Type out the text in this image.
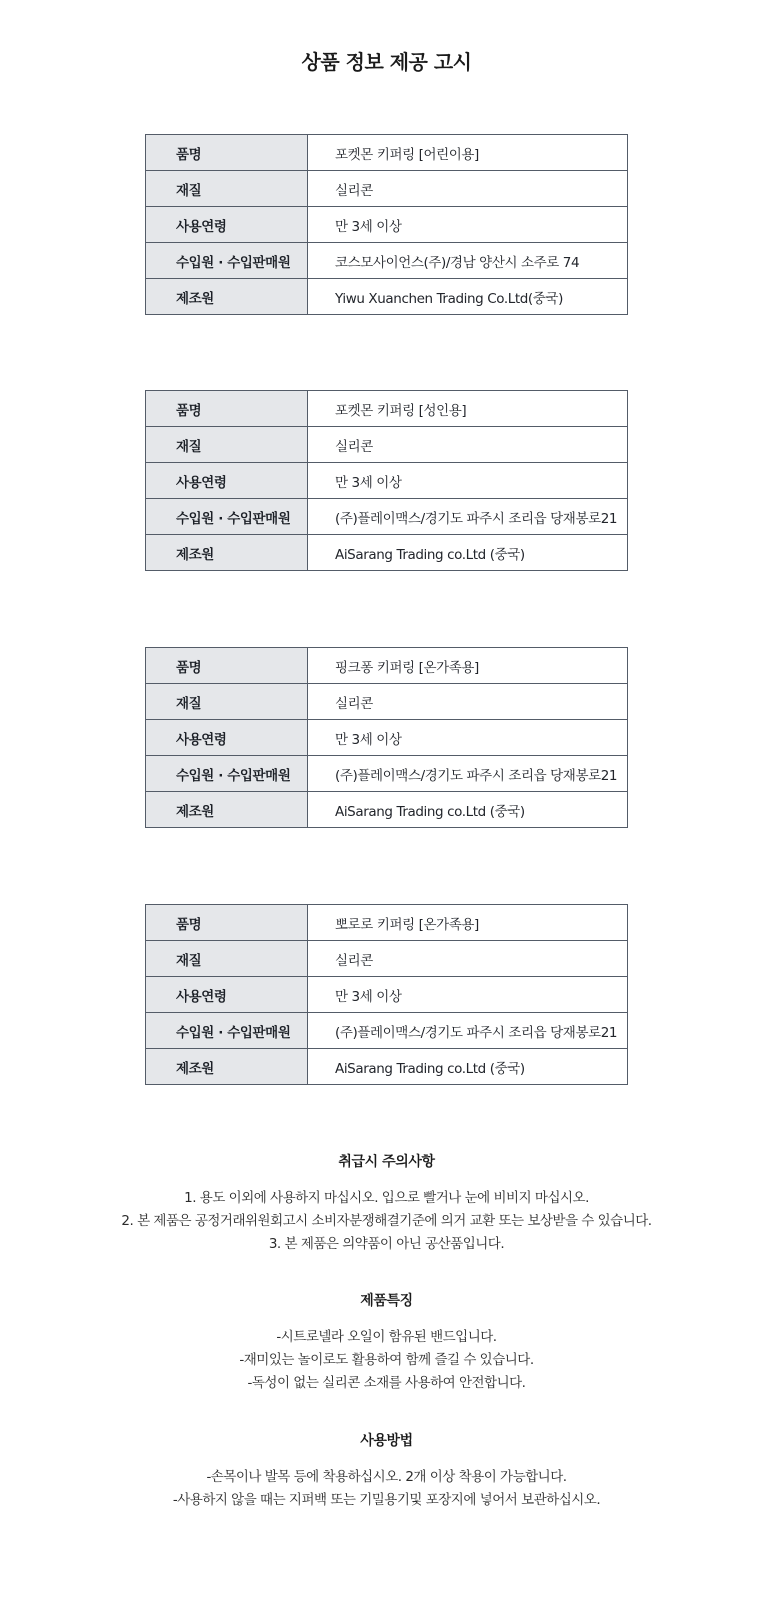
상품 정보 제공 고시
품명	포켓몬 키퍼링 [어린이용]
재질	실리콘
사용연령	만 3세 이상
수입원 · 수입판매원	코스모사이언스(주)/경남 양산시 소주로 74
제조원	Yiwu Xuanchen Trading Co.Ltd(중국)
품명	포켓몬 키퍼링 [성인용]
재질	실리콘
사용연령	만 3세 이상
수입원 · 수입판매원	(주)플레이맥스/경기도 파주시 조리읍 당재봉로21
제조원	AiSarang Trading co.Ltd (중국)
품명	핑크퐁 키퍼링 [온가족용]
재질	실리콘
사용연령	만 3세 이상
수입원 · 수입판매원	(주)플레이맥스/경기도 파주시 조리읍 당재봉로21
제조원	AiSarang Trading co.Ltd (중국)
품명	뽀로로 키퍼링 [온가족용]
재질	실리콘
사용연령	만 3세 이상
수입원 · 수입판매원	(주)플레이맥스/경기도 파주시 조리읍 당재봉로21
제조원	AiSarang Trading co.Ltd (중국)
취급시 주의사항
1. 용도 이외에 사용하지 마십시오. 입으로 빨거나 눈에 비비지 마십시오.
2. 본 제품은 공정거래위원회고시 소비자분쟁해결기준에 의거 교환 또는 보상받을 수 있습니다.
3. 본 제품은 의약품이 아닌 공산품입니다.
제품특징
-시트로넬라 오일이 함유된 밴드입니다.
-재미있는 놀이로도 활용하여 함께 즐길 수 있습니다.
-독성이 없는 실리콘 소재를 사용하여 안전합니다.
사용방법
-손목이나 발목 등에 착용하십시오. 2개 이상 착용이 가능합니다.
-사용하지 않을 때는 지퍼백 또는 기밀용기및 포장지에 넣어서 보관하십시오.
